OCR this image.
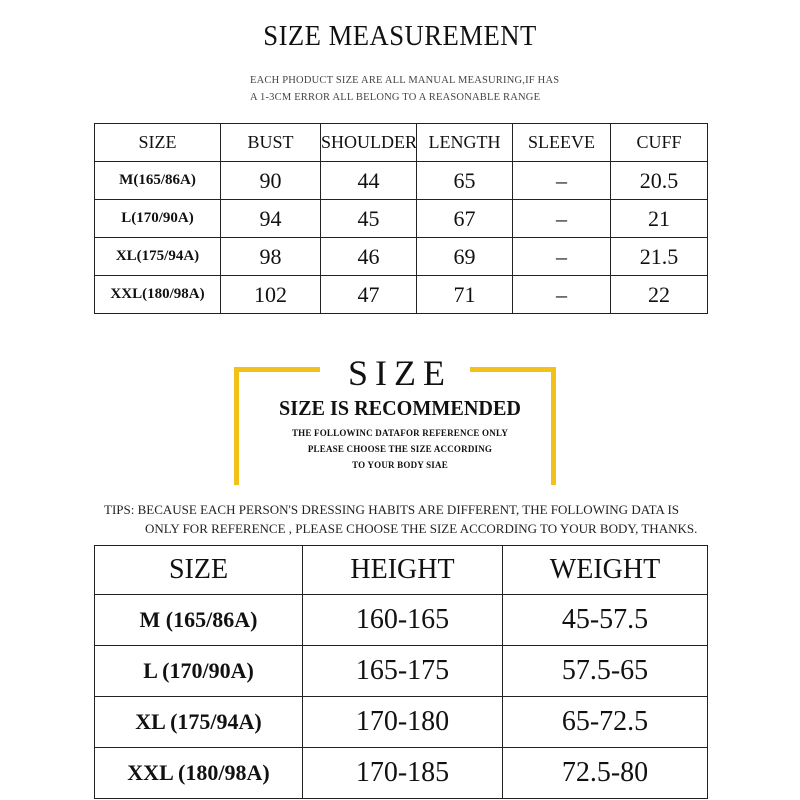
SIZE MEASUREMENT
EACH PHODUCT SIZE ARE ALL MANUAL MEASURING,IF HAS
A 1-3CM ERROR ALL BELONG TO A REASONABLE RANGE
SIZE	BUST	SHOULDER	LENGTH	SLEEVE	CUFF
M(165/86A)	90	44	65	–	20.5
L(170/90A)	94	45	67	–	21
XL(175/94A)	98	46	69	–	21.5
XXL(180/98A)	102	47	71	–	22
SIZE
SIZE IS RECOMMENDED
THE FOLLOWINC DATAFOR REFERENCE ONLY
PLEASE CHOOSE THE SIZE ACCORDING
TO YOUR BODY SIAE
TIPS: BECAUSE EACH PERSON'S DRESSING HABITS ARE DIFFERENT, THE FOLLOWING DATA IS
ONLY FOR REFERENCE , PLEASE CHOOSE THE SIZE ACCORDING TO YOUR BODY, THANKS.
SIZE	HEIGHT	WEIGHT
M (165/86A)	160-165	45-57.5
L (170/90A)	165-175	57.5-65
XL (175/94A)	170-180	65-72.5
XXL (180/98A)	170-185	72.5-80
